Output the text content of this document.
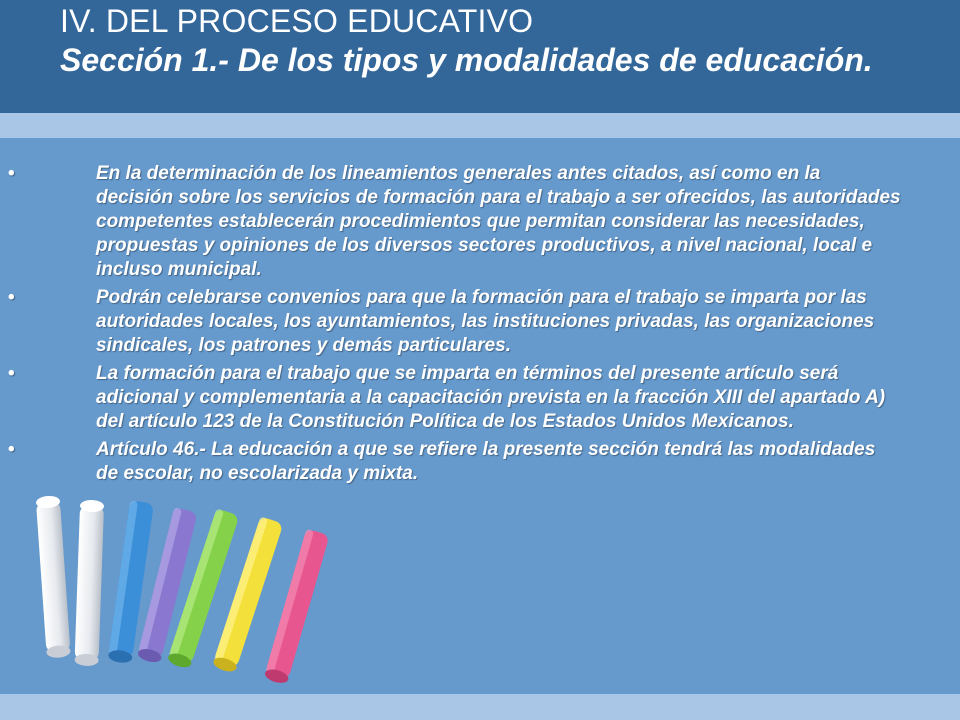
IV. DEL PROCESO EDUCATIVO
Sección 1.- De los tipos y modalidades de educación.
•	En la determinación de los lineamientos generales antes citados, así como en la decisión sobre los servicios de formación para el trabajo a ser ofrecidos, las autoridades competentes establecerán procedimientos que permitan considerar las necesidades, propuestas y opiniones de los diversos sectores productivos, a nivel nacional, local e incluso municipal.
•	Podrán celebrarse convenios para que la formación para el trabajo se imparta por las autoridades locales, los ayuntamientos, las instituciones privadas, las organizaciones sindicales, los patrones y demás particulares.
•	La formación para el trabajo que se imparta en términos del presente artículo será adicional y complementaria a la capacitación prevista en la fracción XIII del apartado A) del artículo 123 de la Constitución Política de los Estados Unidos Mexicanos.
•	Artículo 46.- La educación a que se refiere la presente sección tendrá las modalidades de escolar, no escolarizada y mixta.
